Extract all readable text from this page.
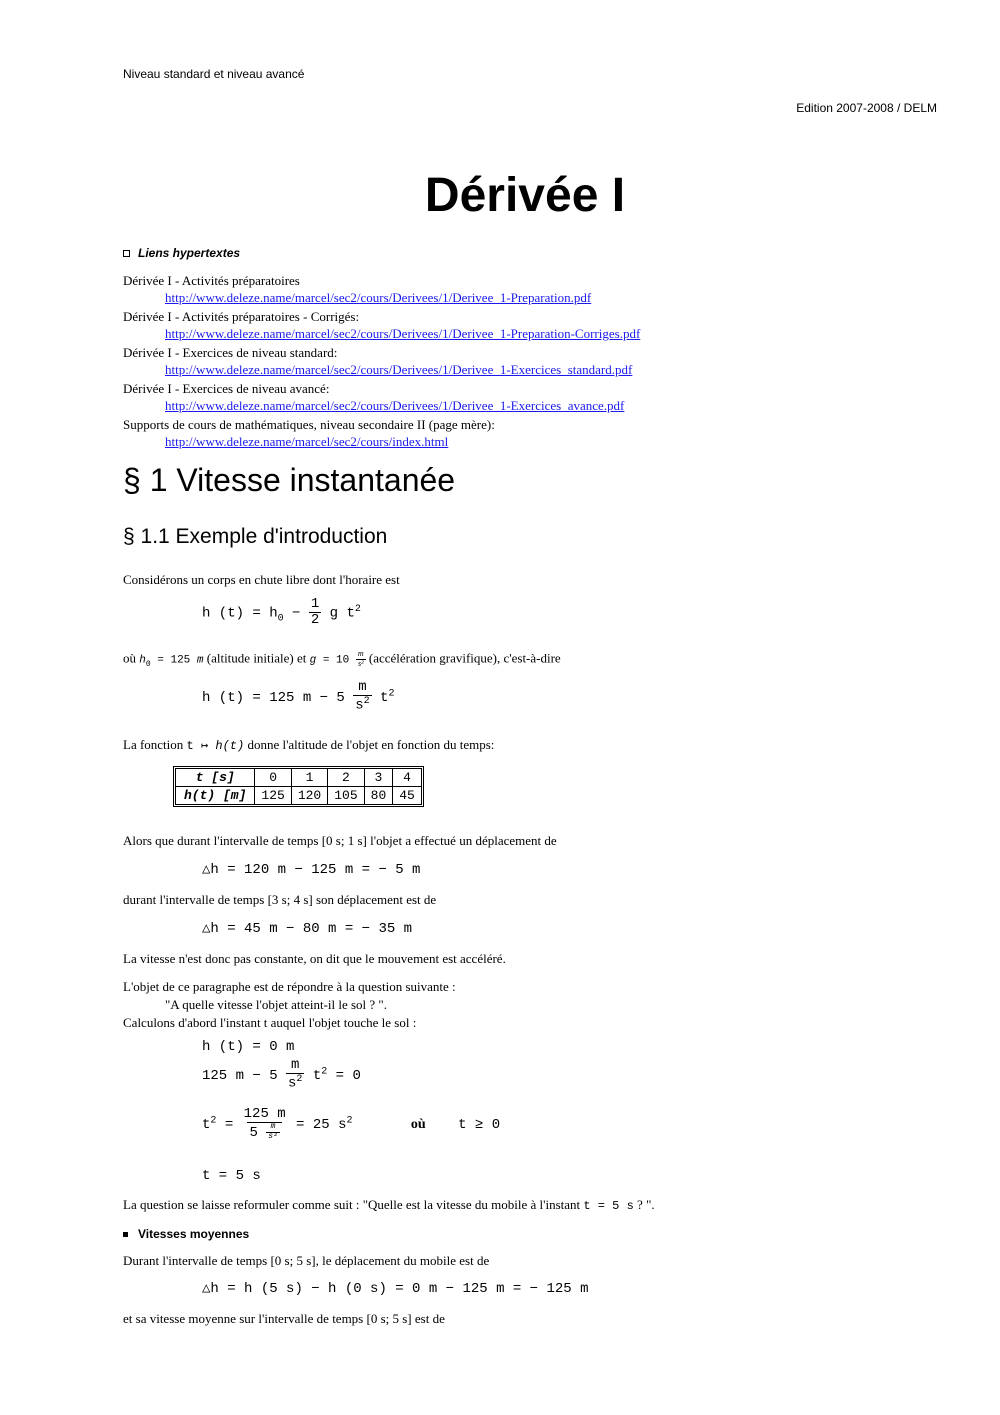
Niveau standard et niveau avancé
Edition 2007-2008 / DELM
Dérivée I
Liens hypertextes
Dérivée I - Activités préparatoires
http://www.deleze.name/marcel/sec2/cours/Derivees/1/Derivee_1-Preparation.pdf
Dérivée I - Activités préparatoires - Corrigés:
http://www.deleze.name/marcel/sec2/cours/Derivees/1/Derivee_1-Preparation-Corriges.pdf
Dérivée I - Exercices de niveau standard:
http://www.deleze.name/marcel/sec2/cours/Derivees/1/Derivee_1-Exercices_standard.pdf
Dérivée I - Exercices de niveau avancé:
http://www.deleze.name/marcel/sec2/cours/Derivees/1/Derivee_1-Exercices_avance.pdf
Supports de cours de mathématiques, niveau secondaire II (page mère):
http://www.deleze.name/marcel/sec2/cours/index.html
§ 1 Vitesse instantanée
§ 1.1 Exemple d'introduction
Considérons un corps en chute libre dont l'horaire est
h $(t) = h_0 - \frac{1}{2}$ g $t^2$
où $h_0 = 125$ m (altitude initiale) et $g = 10 \frac{m}{\text{s²}}$ (accélération gravifique), c'est-à-dire
h (t) = 125 $m - 5 \frac{m}{s^2} t^2$
La fonction t ↦ h(t) donne l'altitude de l'objet en fonction du temps:
t [s]	0	1	2	3	4
h(t) [m]	125	120	105	80	45
Alors que durant l'intervalle de temps [0 s; 1 s] l'objet a effectué un déplacement de
△h = 120 m − 125 m = − 5 m
durant l'intervalle de temps [3 s; 4 s] son déplacement est de
△h = 45 m − 80 m = − 35 m
La vitesse n'est donc pas constante, on dit que le mouvement est accéléré.
L'objet de ce paragraphe est de répondre à la question suivante :
"A quelle vitesse l'objet atteint-il le sol ? ".
Calculons d'abord l'instant t auquel l'objet touche le sol :
h (t) = 0 m
125 $m - 5 \frac{m}{s^2} t^2 = 0$
$t^2 = \frac{125 m}{5 \frac{m}{\text{s²}}} = 25$ $s^2$	où t ≥ 0
t = 5 s
La question se laisse reformuler comme suit : "Quelle est la vitesse du mobile à l'instant t = 5 s ? ".
Vitesses moyennes
Durant l'intervalle de temps [0 s; 5 s], le déplacement du mobile est de
△h = h (5 s) − h (0 s) = 0 m − 125 m = − 125 m
et sa vitesse moyenne sur l'intervalle de temps [0 s; 5 s] est de
